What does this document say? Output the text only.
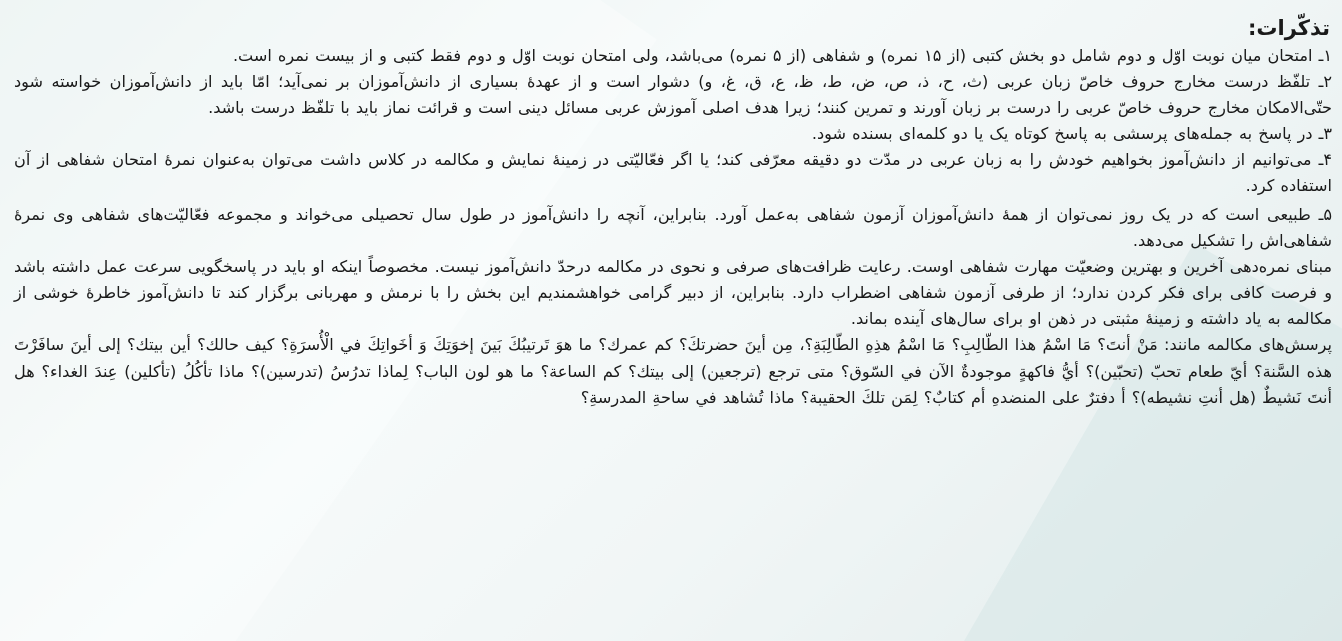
تذکّرات:

۱ـ امتحان میان نوبت اوّل و دوم شامل دو بخش کتبی (از ۱۵ نمره) و شفاهی (از ۵ نمره) می‌باشد، ولی امتحان نوبت اوّل و دوم فقط کتبی و از بیست نمره است.

۲ـ تلفّظ درست مخارج حروف خاصّ زبان عربی (ث، ح، ذ، ص، ض، ط، ظ، ع، ق، غ، و) دشوار است و از عهدهٔ بسیاری از دانش‌آموزان بر نمی‌آید؛ امّا باید از دانش‌آموزان خواسته شود حتّی‌الامکان مخارج حروف خاصّ عربی را درست بر زبان آورند و تمرین کنند؛ زیرا هدف اصلی آموزش عربی مسائل دینی است و قرائت نماز باید با تلفّظ درست باشد.

۳ـ در پاسخ به جمله‌های پرسشی به پاسخ کوتاه یک یا دو کلمه‌ای بسنده شود.

۴ـ می‌توانیم از دانش‌آموز بخواهیم خودش را به زبان عربی در مدّت دو دقیقه معرّفی کند؛ یا اگر فعّالیّتی در زمینهٔ نمایش و مکالمه در کلاس داشت می‌توان به‌عنوان نمرهٔ امتحان شفاهی از آن استفاده کرد.

۵ـ طبیعی است که در یک روز نمی‌توان از همهٔ دانش‌آموزان آزمون شفاهی به‌عمل آورد. بنابراین، آنچه را دانش‌آموز در طول سال تحصیلی می‌خواند و مجموعه فعّالیّت‌های شفاهی وی نمرهٔ شفاهی‌اش را تشکیل می‌دهد.

مبنای نمره‌دهی آخرین و بهترین وضعیّت مهارت شفاهی اوست. رعایت ظرافت‌های صرفی و نحوی در مکالمه درحدّ دانش‌آموز نیست. مخصوصاً اینکه او باید در پاسخگویی سرعت عمل داشته باشد و فرصت کافی برای فکر کردن ندارد؛ از طرفی آزمون شفاهی اضطراب دارد. بنابراین، از دبیر گرامی خواهشمندیم این بخش را با نرمش و مهربانی برگزار کند تا دانش‌آموز خاطرهٔ خوشی از مکالمه به یاد داشته و زمینهٔ مثبتی در ذهن او برای سال‌های آینده بماند.

پرسش‌های مکالمه مانند: مَنْ أنتَ؟ مَا اسْمُ هذا الطّالِبِ؟ مَا اسْمُ هذِهِ الطّالِبَةِ؟، مِن أينَ حضرتكَ؟ كم عمرك؟ ما هوَ تَرتيبُكَ بَينَ إخوَتِكَ وَ أخَواتِكَ في الْأُسرَةِ؟ كيف حالك؟ أين بيتك؟ إلى أينَ سافَرْتَ هذه السَّنة؟ أيّ طعام تحبّ (تحبّين)؟ أيُّ فاكهةٍ موجودةٌ الآن في السّوق؟ متى ترجع (ترجعين) إلى بيتك؟ كم الساعة؟ ما هو لون الباب؟ لِماذا تدرُسُ (تدرسين)؟ ماذا تأكُلُ (تأكلين) عِندَ الغداء؟ هل أنتَ نَشيطٌ (هل أنتِ نشيطه)؟ أ دفترٌ على المنضدهِ أم كتابٌ؟ لِمَن تلكَ الحقيبة؟ ماذا تُشاهد في ساحةِ المدرسةِ؟
